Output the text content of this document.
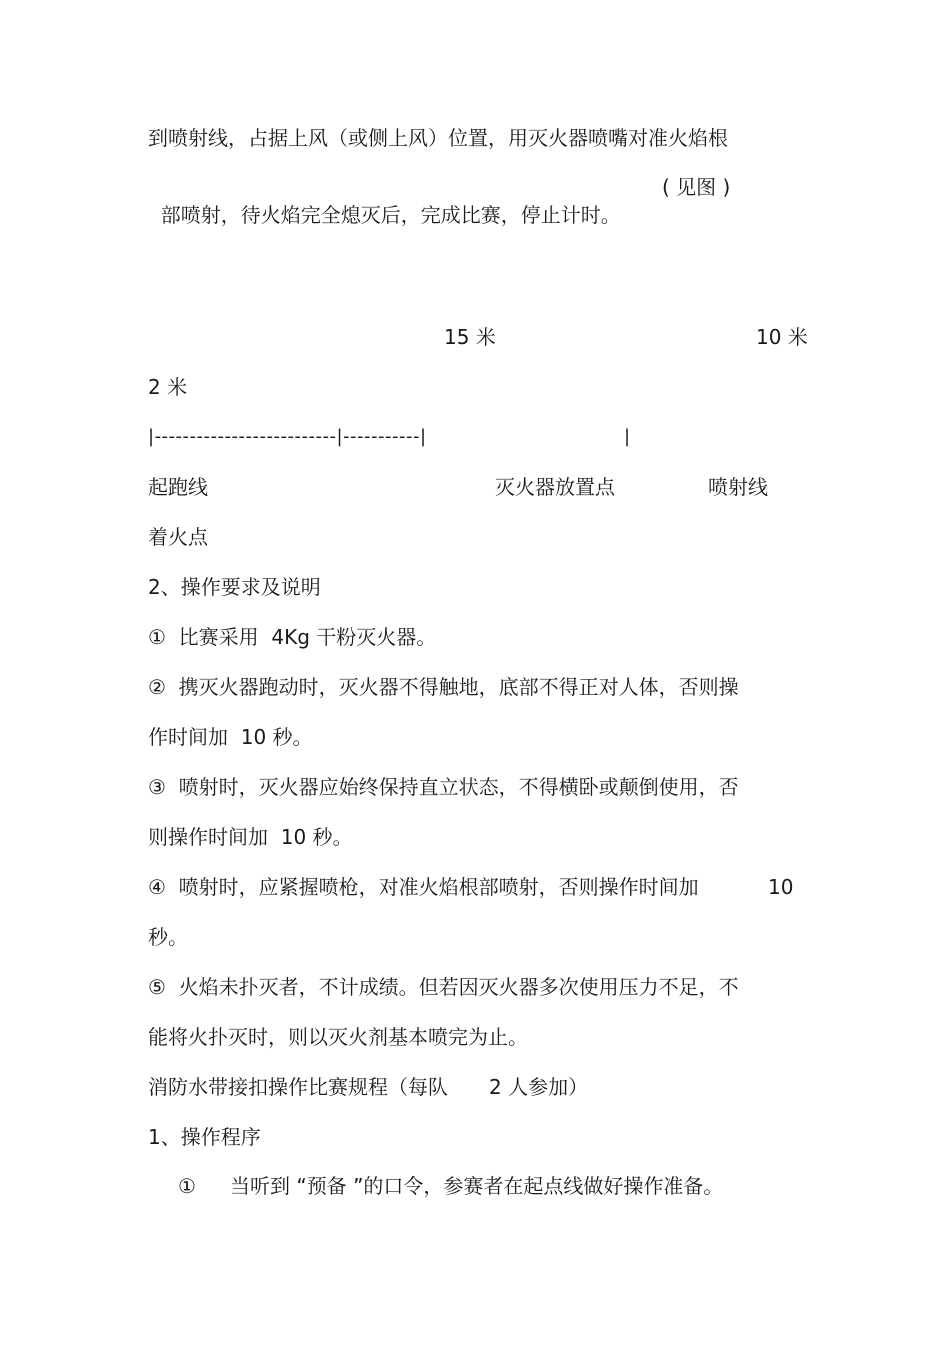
到喷射线，占据上风（或侧上风）位置，用灭火器喷嘴对准火焰根

部喷射，待火焰完全熄灭后，完成比赛，停止计时。

( 见图 )
15 米	10 米
2 米
|--------------------------|-----------|	|
起跑线	灭火器放置点	喷射线
着火点
2、操作要求及说明
①  比赛采用  4Kg 干粉灭火器。
②  携灭火器跑动时，灭火器不得触地，底部不得正对人体，否则操
作时间加  10 秒。
③  喷射时，灭火器应始终保持直立状态，不得横卧或颠倒使用，否
则操作时间加  10 秒。
④  喷射时，应紧握喷枪，对准火焰根部喷射，否则操作时间加	10
秒。
⑤  火焰未扑灭者，不计成绩。但若因灭火器多次使用压力不足，不
能将火扑灭时，则以灭火剂基本喷完为止。
消防水带接扣操作比赛规程（每队 2 人参加）
1、操作程序
① 当听到 “预备 ”的口令，参赛者在起点线做好操作准备。
